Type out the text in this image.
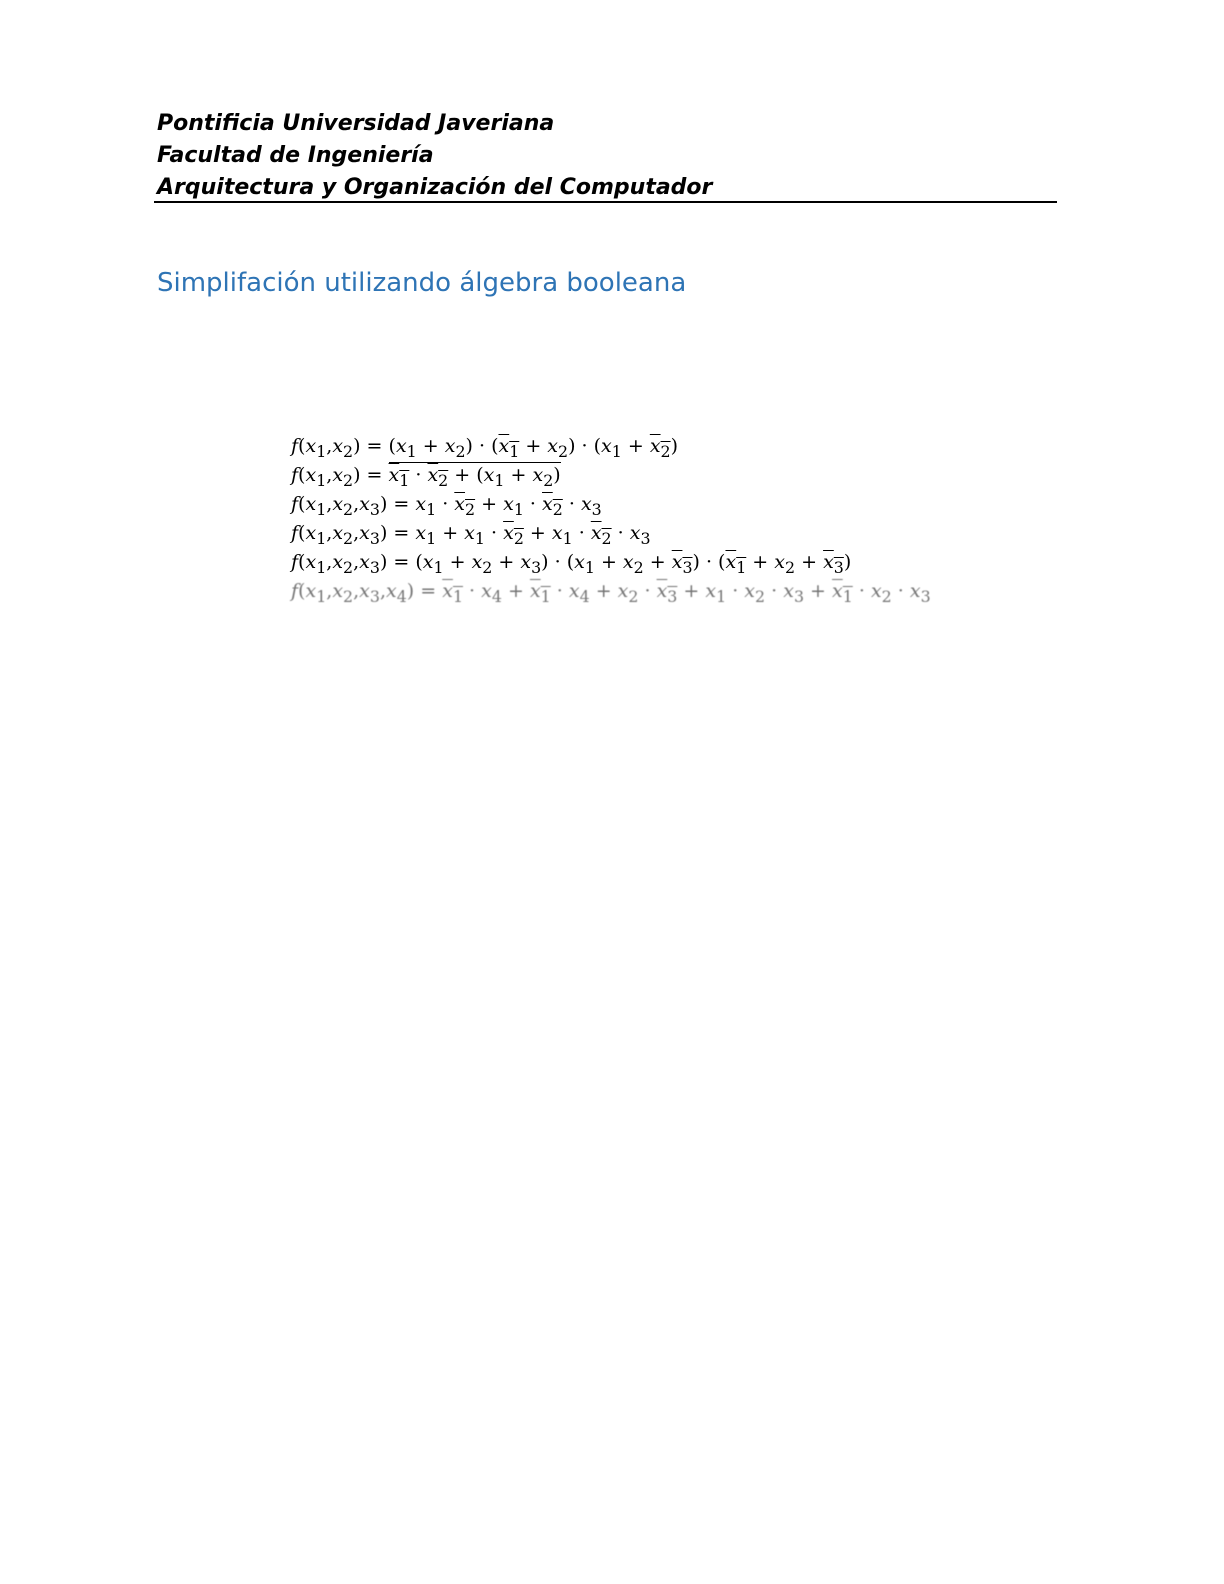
Pontificia Universidad Javeriana
Facultad de Ingeniería
Arquitectura y Organización del Computador
Simplifación utilizando álgebra booleana
$f(x_1,x_2) = (x_1 + x_2) \cdot (x_1 + x_2) \cdot (x_1 + x_2)$
$f(x_1,x_2) = x_1 \cdot x_2 + (x_1 + x_2)$
$f(x_1,x_2,x_3) = x_1 \cdot x_2 + x_1 \cdot x_2 \cdot x_3$
$f(x_1,x_2,x_3) = x_1 + x_1 \cdot x_2 + x_1 \cdot x_2 \cdot x_3$
$f(x_1,x_2,x_3) = (x_1 + x_2 + x_3) \cdot (x_1 + x_2 + x_3) \cdot (x_1 + x_2 + x_3)$
$f(x_1,x_2,x_3,x_4) = x_1 \cdot x_4 + x_1 \cdot x_4 + x_2 \cdot x_3 + x_1 \cdot x_2 \cdot x_3 + x_1 \cdot x_2 \cdot x_3$
